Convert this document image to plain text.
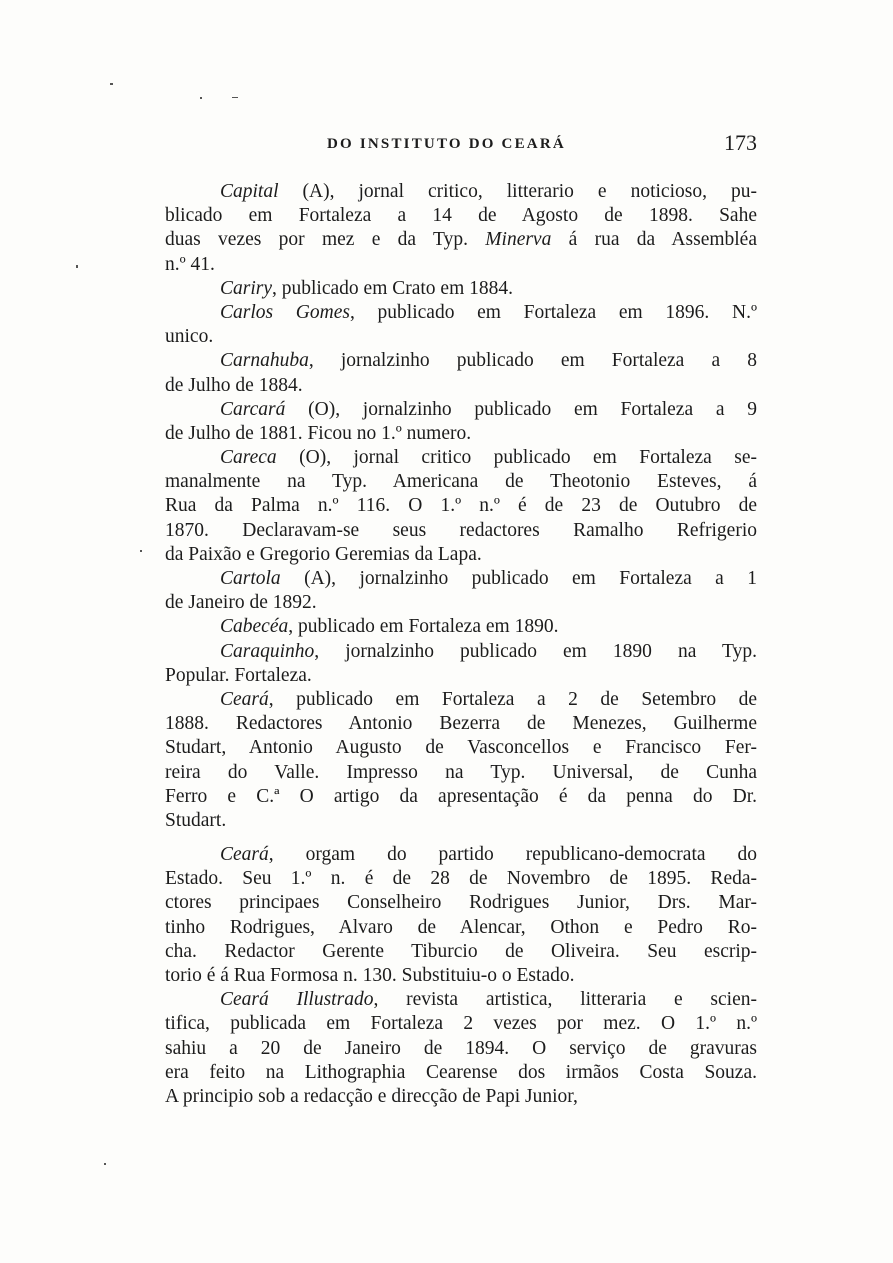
DO INSTITUTO DO CEARÁ	173
Capital (A), jornal critico, litterario e noticioso, pu-
blicado em Fortaleza a 14 de Agosto de 1898. Sahe
duas vezes por mez e da Typ. Minerva á rua da Assembléa
n.º 41.
Cariry, publicado em Crato em 1884.
Carlos Gomes, publicado em Fortaleza em 1896. N.º
unico.
Carnahuba, jornalzinho publicado em Fortaleza a 8
de Julho de 1884.
Carcará (O), jornalzinho publicado em Fortaleza a 9
de Julho de 1881. Ficou no 1.º numero.
Careca (O), jornal critico publicado em Fortaleza se-
manalmente na Typ. Americana de Theotonio Esteves, á
Rua da Palma n.º 116. O 1.º n.º é de 23 de Outubro de
1870. Declaravam-se seus redactores Ramalho Refrigerio
da Paixão e Gregorio Geremias da Lapa.
Cartola (A), jornalzinho publicado em Fortaleza a 1
de Janeiro de 1892.
Cabecéa, publicado em Fortaleza em 1890.
Caraquinho, jornalzinho publicado em 1890 na Typ.
Popular. Fortaleza.
Ceará, publicado em Fortaleza a 2 de Setembro de
1888. Redactores Antonio Bezerra de Menezes, Guilherme
Studart, Antonio Augusto de Vasconcellos e Francisco Fer-
reira do Valle. Impresso na Typ. Universal, de Cunha
Ferro e C.ª O artigo da apresentação é da penna do Dr.
Studart.
Ceará, orgam do partido republicano-democrata do
Estado. Seu 1.º n. é de 28 de Novembro de 1895. Reda-
ctores principaes Conselheiro Rodrigues Junior, Drs. Mar-
tinho Rodrigues, Alvaro de Alencar, Othon e Pedro Ro-
cha. Redactor Gerente Tiburcio de Oliveira. Seu escrip-
torio é á Rua Formosa n. 130. Substituiu-o o Estado.
Ceará Illustrado, revista artistica, litteraria e scien-
tifica, publicada em Fortaleza 2 vezes por mez. O 1.º n.º
sahiu a 20 de Janeiro de 1894. O serviço de gravuras
era feito na Lithographia Cearense dos irmãos Costa Souza.
A principio sob a redacção e direcção de Papi Junior,
